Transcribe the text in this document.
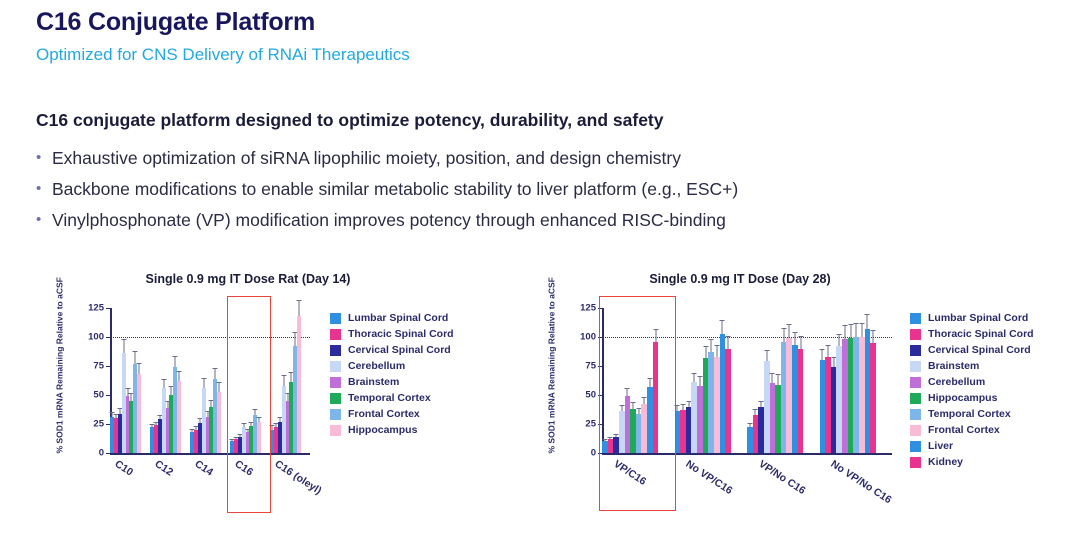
C16 Conjugate Platform
Optimized for CNS Delivery of RNAi Therapeutics
C16 conjugate platform designed to optimize potency, durability, and safety
• Exhaustive optimization of siRNA lipophilic moiety, position, and design chemistry
• Backbone modifications to enable similar metabolic stability to liver platform (e.g., ESC+)
• Vinylphosphonate (VP) modification improves potency through enhanced RISC-binding
Single 0.9 mg IT Dose Rat (Day 14)
% SOD1 mRNA Remaining Relative to aCSF	0
25
50
75
100
125
C10 C12 C14 C16 C16 (oleyl)
Lumbar Spinal Cord
Thoracic Spinal Cord
Cervical Spinal Cord
Cerebellum
Brainstem
Temporal Cortex
Frontal Cortex
Hippocampus
Single 0.9 mg IT Dose (Day 28)
% SOD1 mRNA Remaining Relative to aCSF	0
25
50
75
100
125
VP/C16	No VP/C16 VP/No C16 No VP/No C16
Lumbar Spinal Cord
Thoracic Spinal Cord
Cervical Spinal Cord
Brainstem
Cerebellum
Hippocampus
Temporal Cortex
Frontal Cortex
Liver
Kidney
